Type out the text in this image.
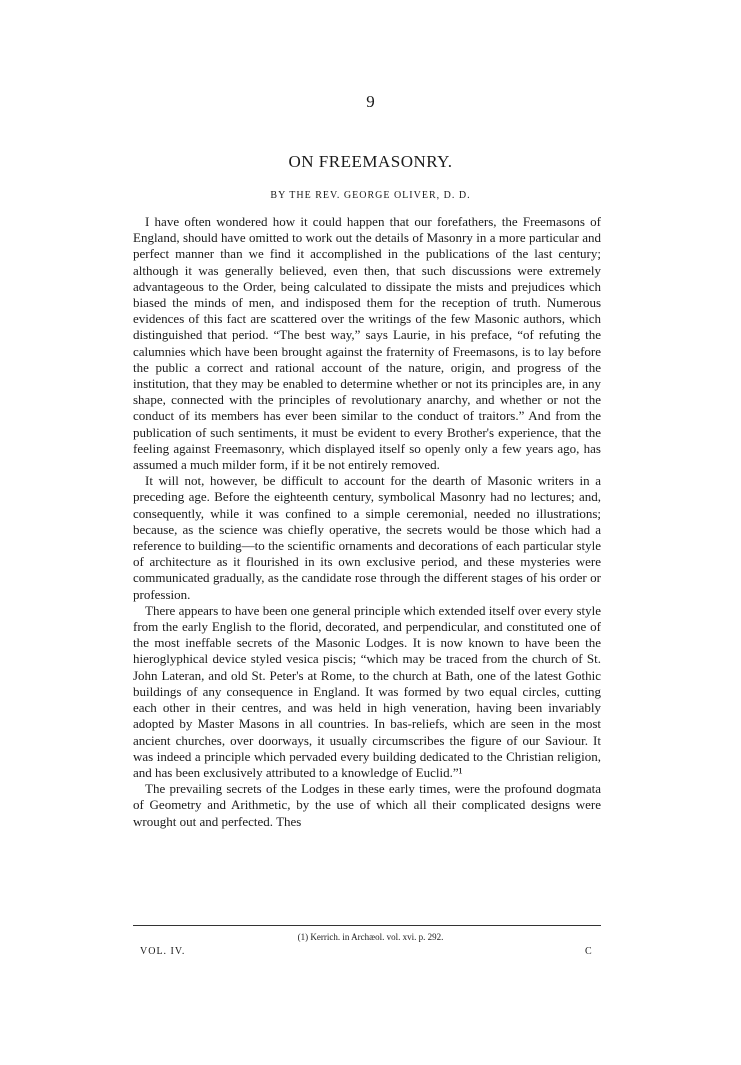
9
ON FREEMASONRY.
BY THE REV. GEORGE OLIVER, D. D.

I have often wondered how it could happen that our forefathers, the Freemasons of England, should have omitted to work out the details of Masonry in a more particular and perfect manner than we find it accomplished in the publications of the last century; although it was generally believed, even then, that such discussions were extremely advantageous to the Order, being calculated to dissipate the mists and prejudices which biased the minds of men, and indisposed them for the reception of truth. Numerous evidences of this fact are scattered over the writings of the few Masonic authors, which distinguished that period. “The best way,” says Laurie, in his preface, “of refuting the calumnies which have been brought against the fraternity of Freemasons, is to lay before the public a correct and rational account of the nature, origin, and progress of the institution, that they may be enabled to determine whether or not its principles are, in any shape, connected with the principles of revolutionary anarchy, and whether or not the conduct of its members has ever been similar to the conduct of traitors.” And from the publication of such sentiments, it must be evident to every Brother's experience, that the feeling against Freemasonry, which displayed itself so openly only a few years ago, has assumed a much milder form, if it be not entirely removed.

It will not, however, be difficult to account for the dearth of Masonic writers in a preceding age. Before the eighteenth century, symbolical Masonry had no lectures; and, consequently, while it was confined to a simple ceremonial, needed no illustrations; because, as the science was chiefly operative, the secrets would be those which had a reference to building—to the scientific ornaments and decorations of each particular style of architecture as it flourished in its own exclusive period, and these mysteries were communicated gradually, as the candidate rose through the different stages of his order or profession.

There appears to have been one general principle which extended itself over every style from the early English to the florid, decorated, and perpendicular, and constituted one of the most ineffable secrets of the Masonic Lodges. It is now known to have been the hieroglyphical device styled vesica piscis; “which may be traced from the church of St. John Lateran, and old St. Peter's at Rome, to the church at Bath, one of the latest Gothic buildings of any consequence in England. It was formed by two equal circles, cutting each other in their centres, and was held in high veneration, having been invariably adopted by Master Masons in all countries. In bas-reliefs, which are seen in the most ancient churches, over doorways, it usually circumscribes the figure of our Saviour. It was indeed a principle which pervaded every building dedicated to the Christian religion, and has been exclusively attributed to a knowledge of Euclid.”¹

The prevailing secrets of the Lodges in these early times, were the profound dogmata of Geometry and Arithmetic, by the use of which all their complicated designs were wrought out and perfected. Thes

(1) Kerrich. in Archæol. vol. xvi. p. 292.
VOL. IV.	C
